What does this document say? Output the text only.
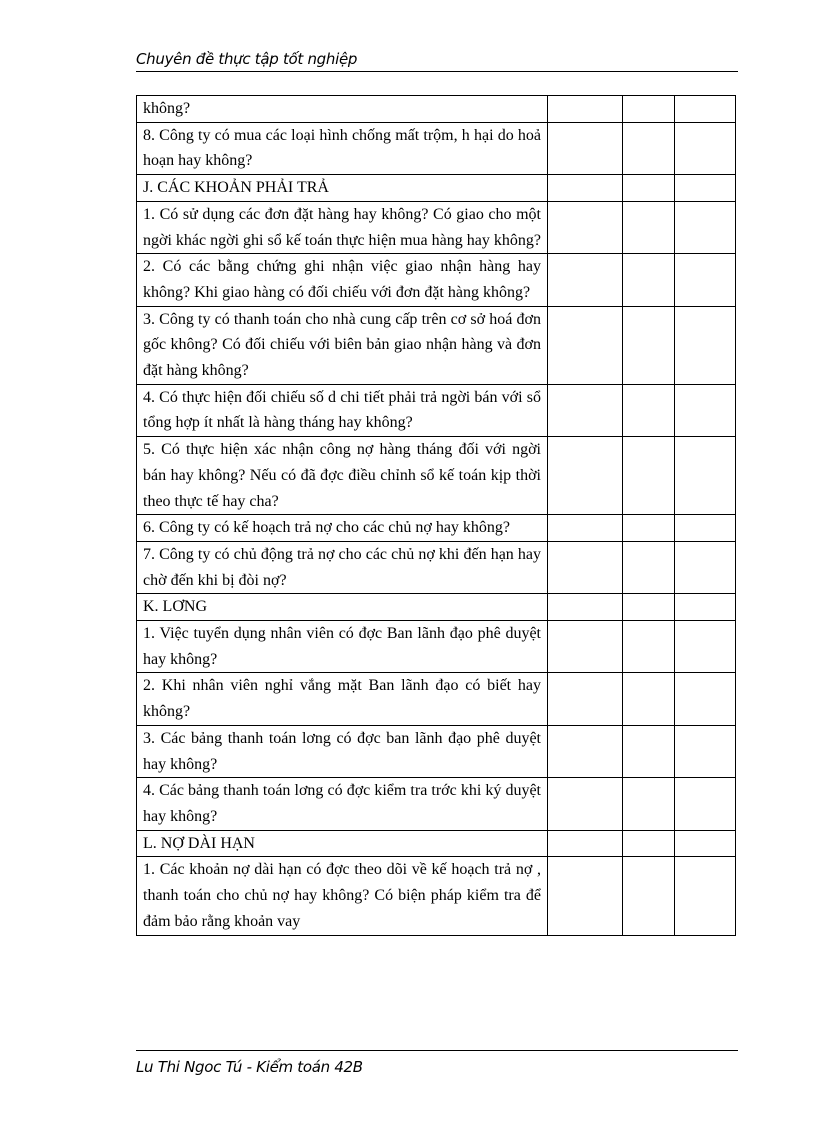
Chuyên đề thực tập tốt nghiệp
không?			
8. Công ty có mua các loại hình chống mất trộm, h hại do hoả hoạn hay không?			
J. CÁC KHOẢN PHẢI TRẢ			
1. Có sử dụng các đơn đặt hàng hay không? Có giao cho một ngời khác ngời ghi sổ kế toán thực hiện mua hàng hay không?			
2. Có các bằng chứng ghi nhận việc giao nhận hàng hay không? Khi giao hàng có đối chiếu với đơn đặt hàng không?			
3. Công ty có thanh toán cho nhà cung cấp trên cơ sở hoá đơn gốc không? Có đối chiếu với biên bản giao nhận hàng và đơn đặt hàng không?			
4. Có thực hiện đối chiếu số d chi tiết phải trả ngời bán với sổ tổng hợp ít nhất là hàng tháng hay không?			
5. Có thực hiện xác nhận công nợ hàng tháng đối với ngời bán hay không? Nếu có đã đợc điều chỉnh sổ kế toán kịp thời theo thực tế hay cha?			
6. Công ty có kế hoạch trả nợ cho các chủ nợ hay không?			
7. Công ty có chủ động trả nợ cho các chủ nợ khi đến hạn hay chờ đến khi bị đòi nợ?			
K. LƠNG			
1. Việc tuyển dụng nhân viên có đợc Ban lãnh đạo phê duyệt hay không?			
2. Khi nhân viên nghỉ vắng mặt Ban lãnh đạo có biết hay không?			
3. Các bảng thanh toán lơng có đợc ban lãnh đạo phê duyệt hay không?			
4. Các bảng thanh toán lơng có đợc kiểm tra trớc khi ký duyệt hay không?			
L. NỢ DÀI HẠN			
1. Các khoản nợ dài hạn có đợc theo dõi về kế hoạch trả nợ , thanh toán cho chủ nợ hay không? Có biện pháp kiểm tra để đảm bảo rằng khoản vay			
Lu Thi Ngoc Tú - Kiểm toán 42B
